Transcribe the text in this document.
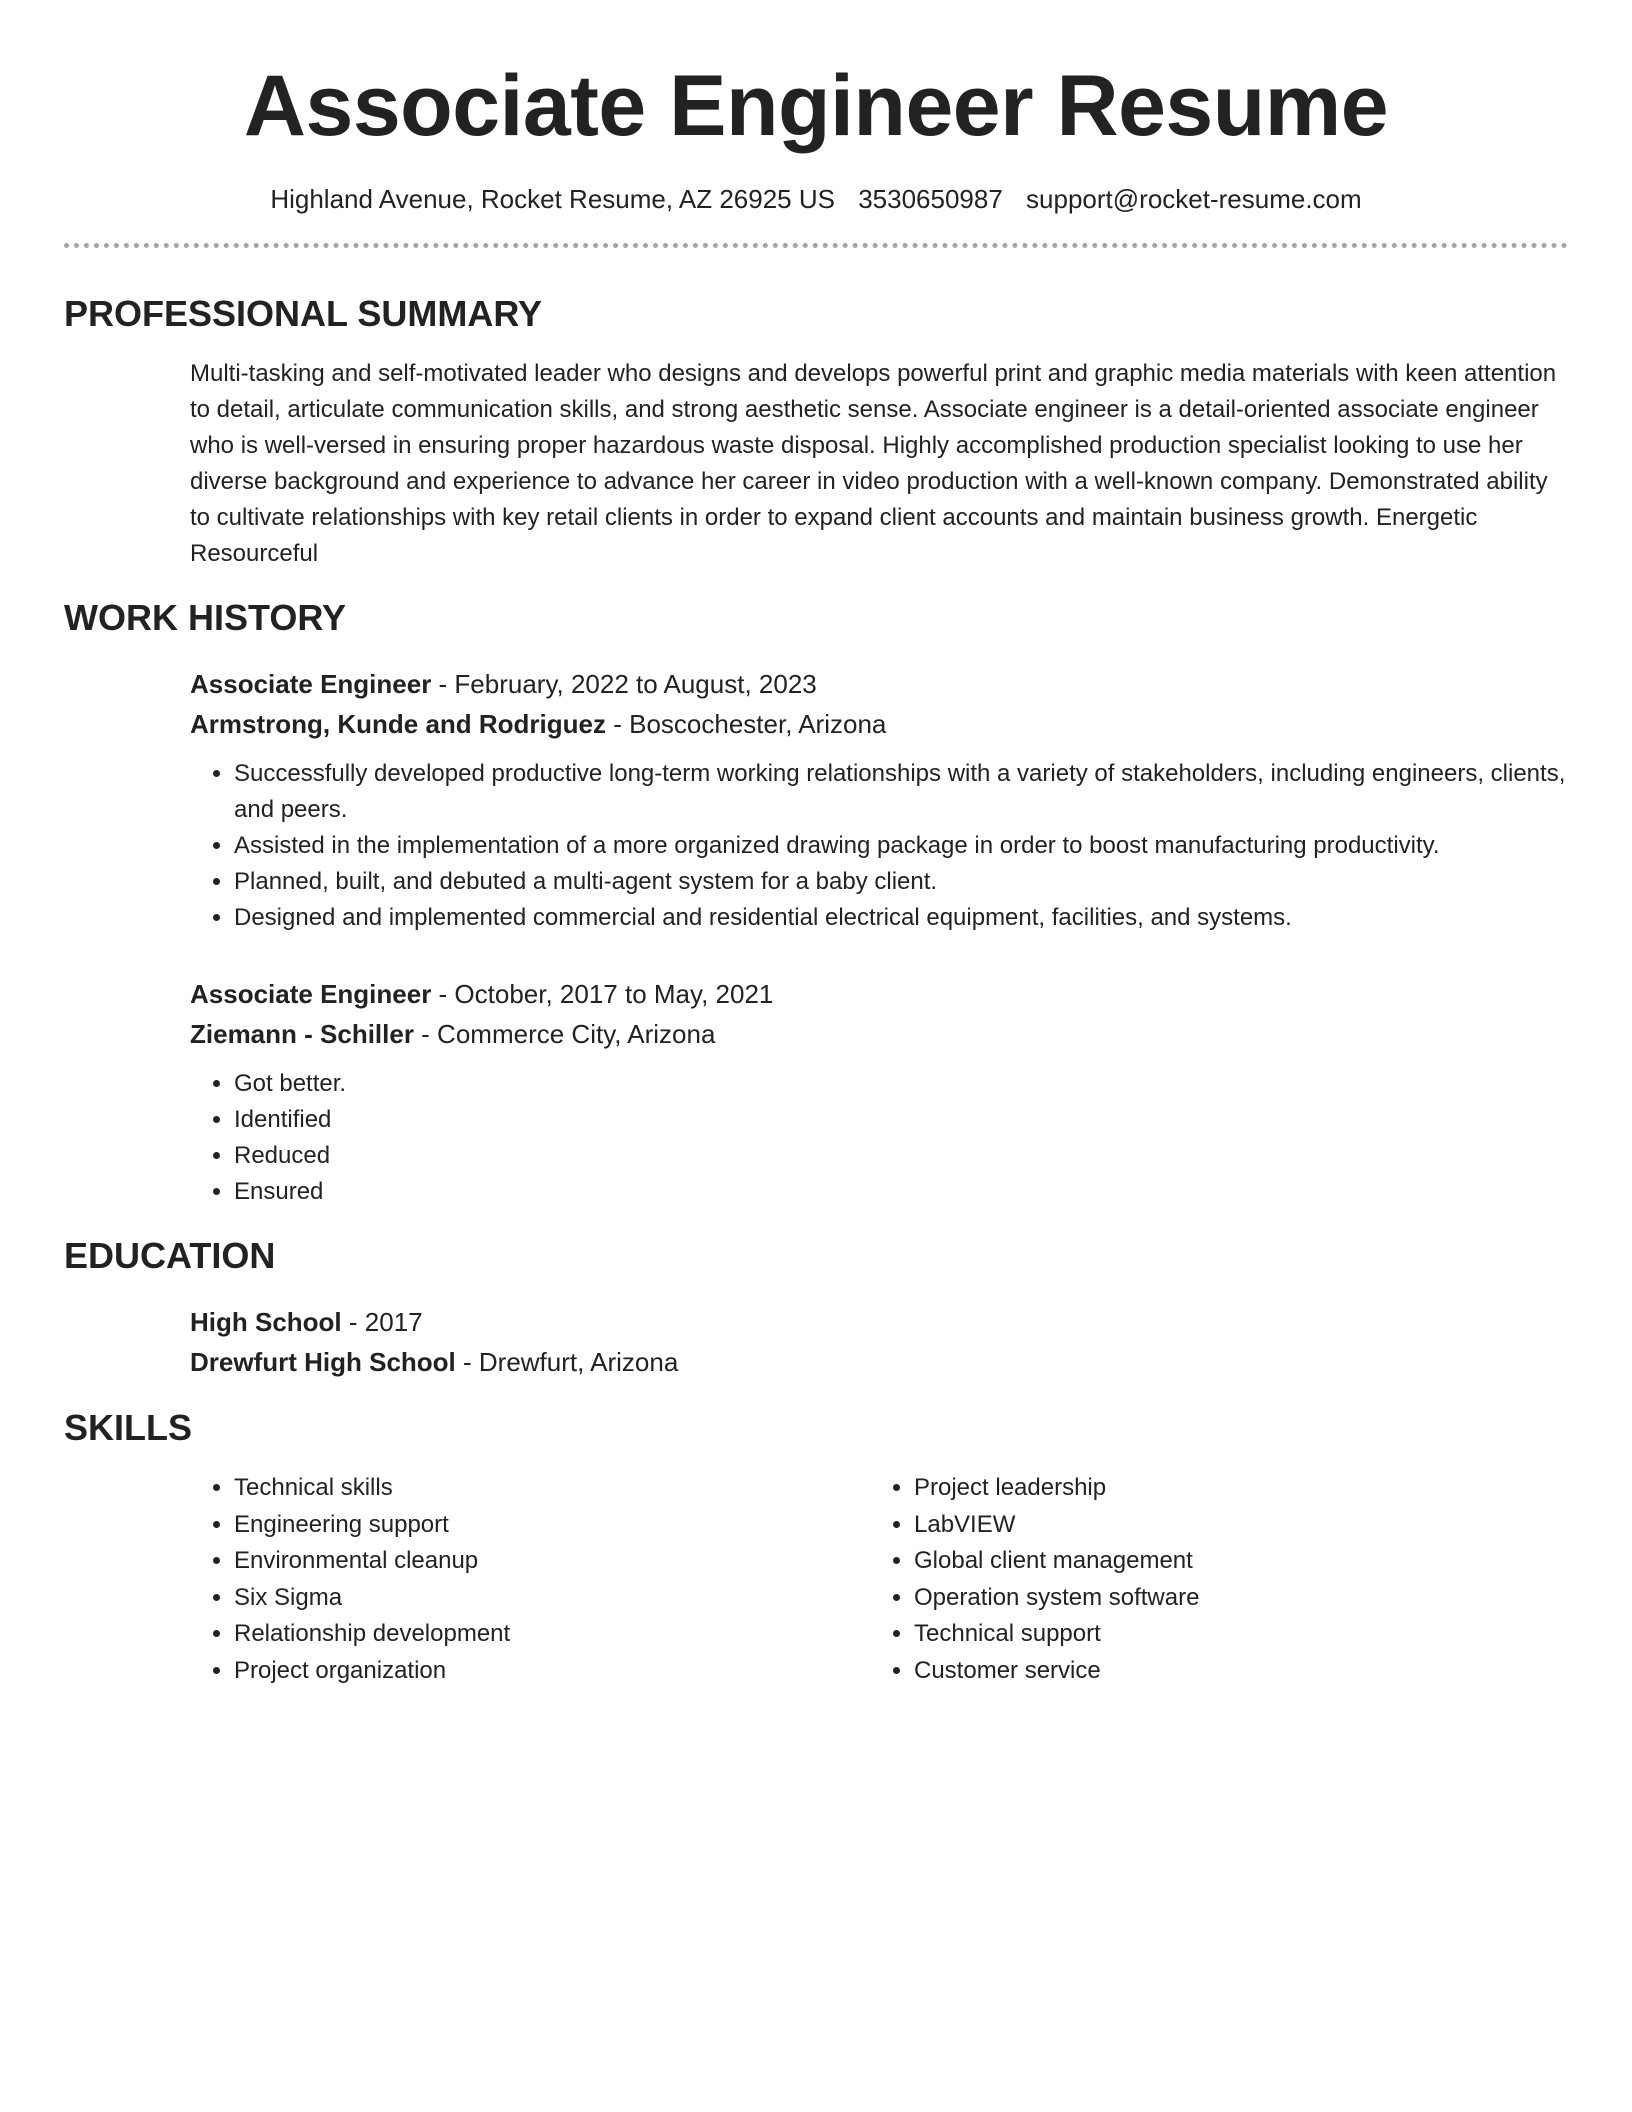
Associate Engineer Resume
Highland Avenue, Rocket Resume, AZ 26925 US 3530650987 support@rocket-resume.com
PROFESSIONAL SUMMARY
Multi-tasking and self-motivated leader who designs and develops powerful print and graphic media materials with keen attention to detail, articulate communication skills, and strong aesthetic sense. Associate engineer is a detail-oriented associate engineer who is well-versed in ensuring proper hazardous waste disposal. Highly accomplished production specialist looking to use her diverse background and experience to advance her career in video production with a well-known company. Demonstrated ability to cultivate relationships with key retail clients in order to expand client accounts and maintain business growth. Energetic Resourceful
WORK HISTORY
Associate Engineer - February, 2022 to August, 2023
Armstrong, Kunde and Rodriguez - Boscochester, Arizona
• Successfully developed productive long-term working relationships with a variety of stakeholders, including engineers, clients, and peers.
• Assisted in the implementation of a more organized drawing package in order to boost manufacturing productivity.
• Planned, built, and debuted a multi-agent system for a baby client.
• Designed and implemented commercial and residential electrical equipment, facilities, and systems.
Associate Engineer - October, 2017 to May, 2021
Ziemann - Schiller - Commerce City, Arizona
• Got better.
• Identified
• Reduced
• Ensured
EDUCATION
High School - 2017
Drewfurt High School - Drewfurt, Arizona
SKILLS
• Technical skills
• Engineering support
• Environmental cleanup
• Six Sigma
• Relationship development
• Project organization
• Project leadership
• LabVIEW
• Global client management
• Operation system software
• Technical support
• Customer service
